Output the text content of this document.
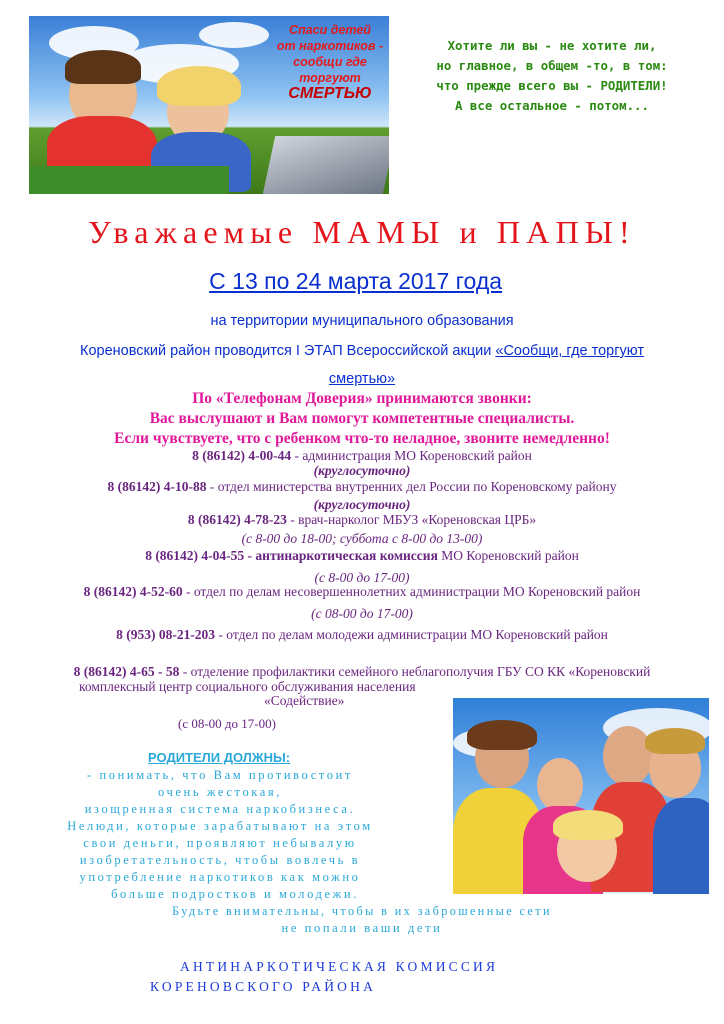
Спаси детей
от наркотиков -
сообщи где торгуют
СМЕРТЬЮ
Хотите ли вы - не хотите ли,
но главное, в общем -то, в том:
что прежде всего вы - РОДИТЕЛИ!
А все остальное - потом...
Уважаемые МАМЫ и ПАПЫ!
С 13 по 24 марта 2017 года
на территории муниципального образования
Кореновский район проводится I ЭТАП Всероссийской акции «Сообщи, где торгуют
смертью»
По «Телефонам Доверия» принимаются звонки:
Вас выслушают и Вам помогут компетентные специалисты.
Если чувствуете, что с ребенком что-то неладное, звоните немедленно!
8 (86142) 4-00-44 - администрация МО Кореновский район
(круглосуточно)
8 (86142) 4-10-88 - отдел министерства внутренних дел России по Кореновскому району
(круглосуточно)
8 (86142) 4-78-23 - врач-нарколог МБУЗ «Кореновская ЦРБ»
(с 8-00 до 18-00; суббота с 8-00 до 13-00)
8 (86142) 4-04-55 - антинаркотическая комиссия МО Кореновский район
(с 8-00 до 17-00)
8 (86142) 4-52-60 - отдел по делам несовершеннолетних администрации МО Кореновский район
(с 08-00 до 17-00)
8 (953) 08-21-203 - отдел по делам молодежи администрации МО Кореновский район
8 (86142) 4-65 - 58 - отделение профилактики семейного неблагополучия ГБУ СО КК «Кореновский
комплексный центр социального обслуживания населения
«Содействие»
(с 08-00 до 17-00)
РОДИТЕЛИ ДОЛЖНЫ:
- понимать, что Вам противостоит
очень жестокая,
изощренная система наркобизнеса.
Нелюди, которые зарабатывают на этом
свои деньги, проявляют небывалую
изобретательность, чтобы вовлечь в
употребление наркотиков как можно
больше подростков и молодежи.
Будьте внимательны, чтобы в их заброшенные сети
не попали ваши дети
АНТИНАРКОТИЧЕСКАЯ КОМИССИЯ
КОРЕНОВСКОГО РАЙОНА
